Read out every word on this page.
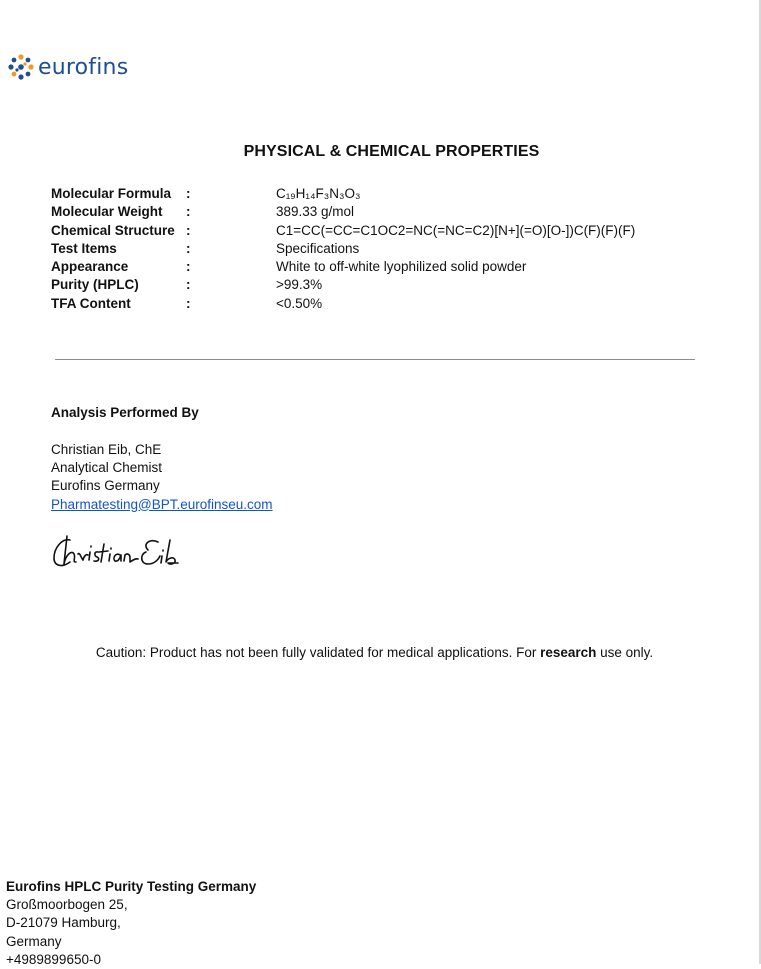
eurofins
PHYSICAL & CHEMICAL PROPERTIES
Molecular Formula :	C₁₉H₁₄F₃N₃O₃
Molecular Weight :	389.33 g/mol
Chemical Structure :	C1=CC(=CC=C1OC2=NC(=NC=C2)[N+](=O)[O-])C(F)(F)(F)
Test Items	:	Specifications
Appearance	:	White to off-white lyophilized solid powder
Purity (HPLC)	:	>99.3%
TFA Content	:	<0.50%
Analysis Performed By
Christian Eib, ChE
Analytical Chemist
Eurofins Germany
Pharmatesting@BPT.eurofinseu.com
Caution: Product has not been fully validated for medical applications. For research use only.
Eurofins HPLC Purity Testing Germany
Großmoorbogen 25,
D-21079 Hamburg,
Germany
+4989899650-0
